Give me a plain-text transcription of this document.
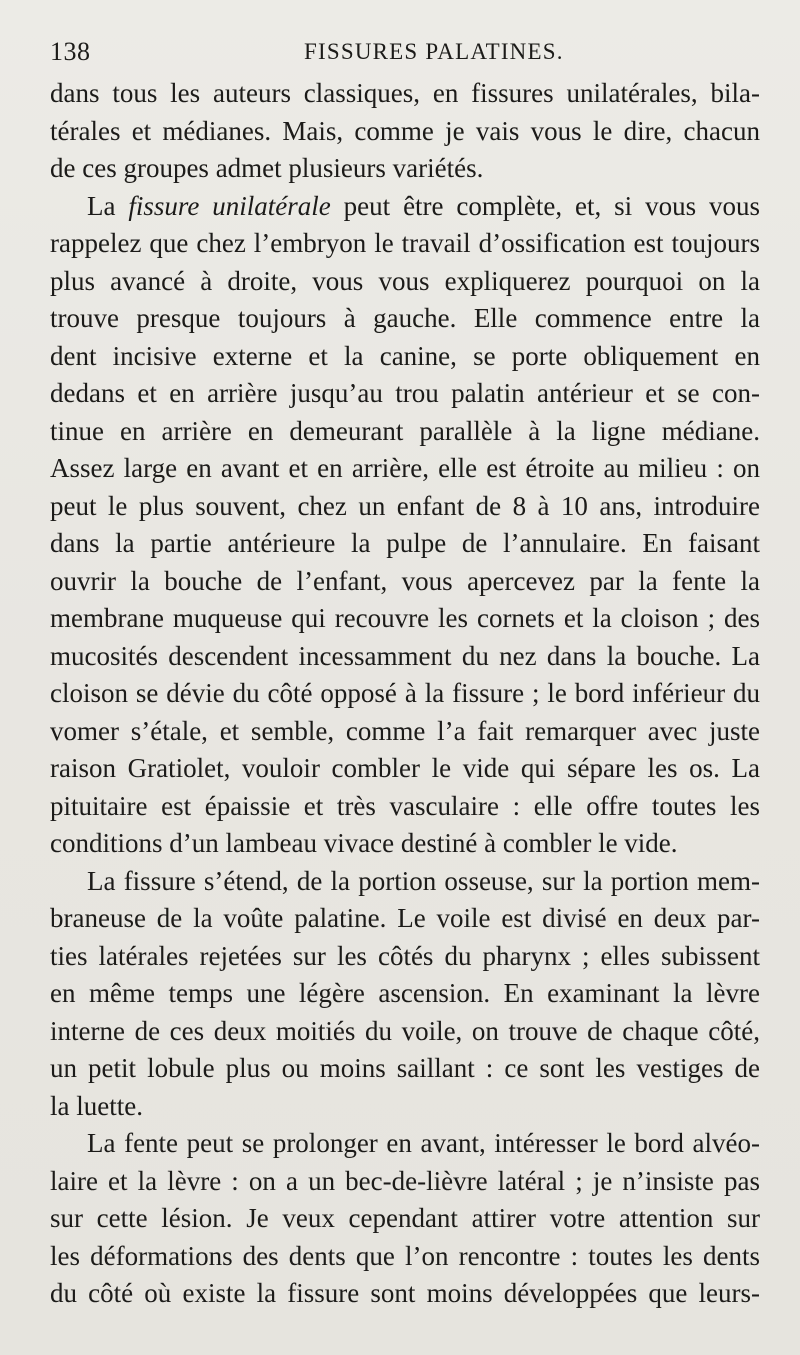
138	FISSURES PALATINES.
dans tous les auteurs classiques, en fissures unilatérales, bila-
térales et médianes. Mais, comme je vais vous le dire, chacun
de ces groupes admet plusieurs variétés.
La fissure unilatérale peut être complète, et, si vous vous
rappelez que chez l’embryon le travail d’ossification est toujours
plus avancé à droite, vous vous expliquerez pourquoi on la
trouve presque toujours à gauche. Elle commence entre la
dent incisive externe et la canine, se porte obliquement en
dedans et en arrière jusqu’au trou palatin antérieur et se con-
tinue en arrière en demeurant parallèle à la ligne médiane.
Assez large en avant et en arrière, elle est étroite au milieu : on
peut le plus souvent, chez un enfant de 8 à 10 ans, introduire
dans la partie antérieure la pulpe de l’annulaire. En faisant
ouvrir la bouche de l’enfant, vous apercevez par la fente la
membrane muqueuse qui recouvre les cornets et la cloison ; des
mucosités descendent incessamment du nez dans la bouche. La
cloison se dévie du côté opposé à la fissure ; le bord inférieur du
vomer s’étale, et semble, comme l’a fait remarquer avec juste
raison Gratiolet, vouloir combler le vide qui sépare les os. La
pituitaire est épaissie et très vasculaire : elle offre toutes les
conditions d’un lambeau vivace destiné à combler le vide.
La fissure s’étend, de la portion osseuse, sur la portion mem-
braneuse de la voûte palatine. Le voile est divisé en deux par-
ties latérales rejetées sur les côtés du pharynx ; elles subissent
en même temps une légère ascension. En examinant la lèvre
interne de ces deux moitiés du voile, on trouve de chaque côté,
un petit lobule plus ou moins saillant : ce sont les vestiges de
la luette.
La fente peut se prolonger en avant, intéresser le bord alvéo-
laire et la lèvre : on a un bec-de-lièvre latéral ; je n’insiste pas
sur cette lésion. Je veux cependant attirer votre attention sur
les déformations des dents que l’on rencontre : toutes les dents
du côté où existe la fissure sont moins développées que leurs-
